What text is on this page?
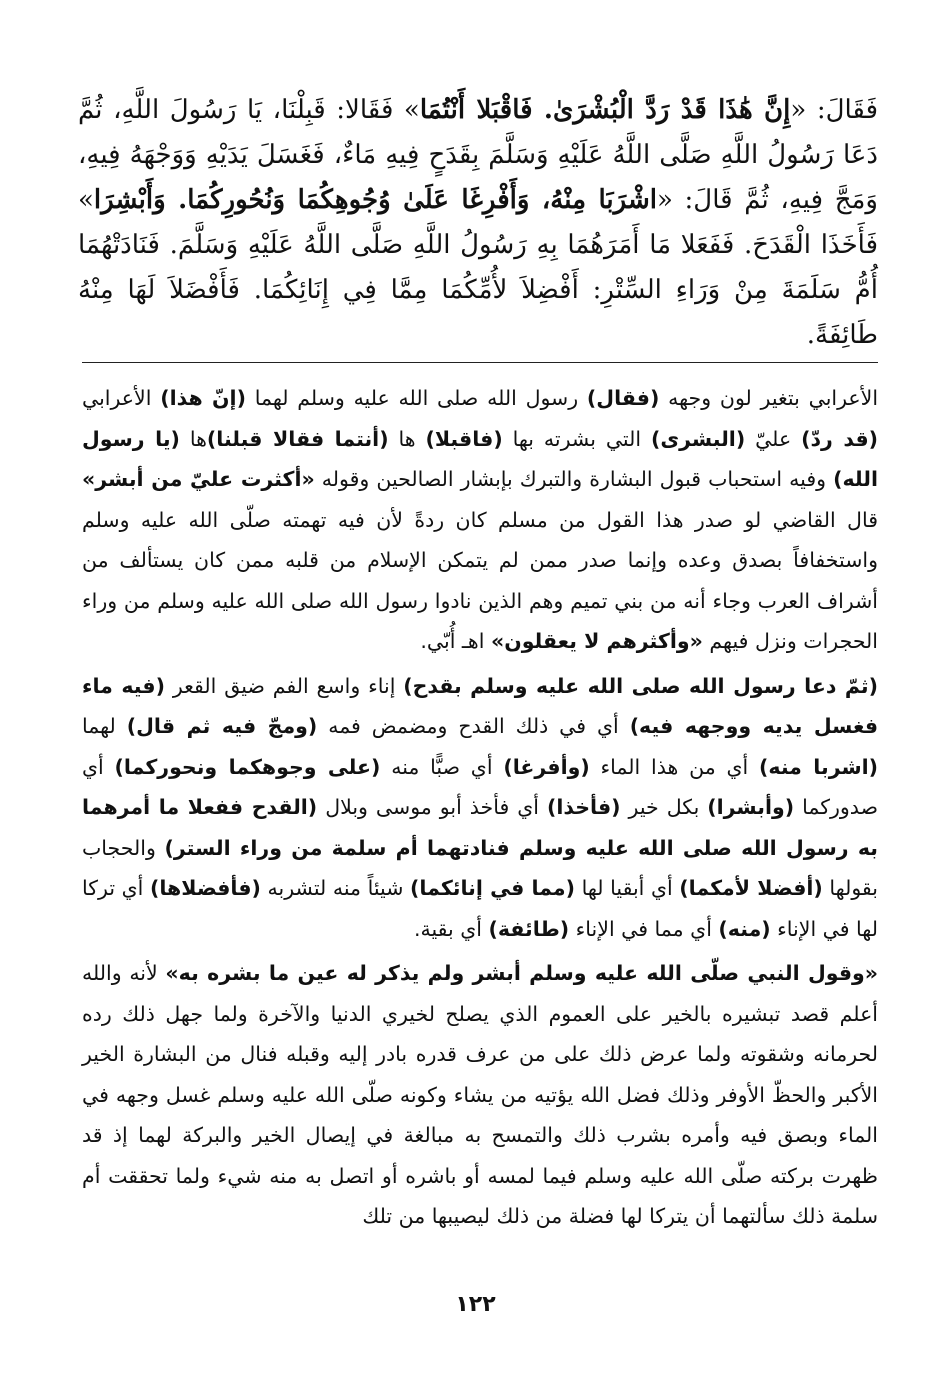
فَقَالَ: «إِنَّ هَٰذَا قَدْ رَدَّ الْبُشْرَىٰ. فَاقْبَلا أَنْتُمَا» فَقَالا: قَبِلْنَا، يَا رَسُولَ اللَّهِ، ثُمَّ دَعَا رَسُولُ اللَّهِ صَلَّى اللَّهُ عَلَيْهِ وَسَلَّمَ بِقَدَحٍ فِيهِ مَاءٌ، فَغَسَلَ يَدَيْهِ وَوَجْهَهُ فِيهِ، وَمَجَّ فِيهِ، ثُمَّ قَالَ: «اشْرَبَا مِنْهُ، وَأَفْرِغَا عَلَىٰ وُجُوهِكُمَا وَنُحُورِكُمَا. وَأَبْشِرَا» فَأَخَذَا الْقَدَحَ. فَفَعَلا مَا أَمَرَهُمَا بِهِ رَسُولُ اللَّهِ صَلَّى اللَّهُ عَلَيْهِ وَسَلَّمَ. فَنَادَتْهُمَا أُمُّ سَلَمَةَ مِنْ وَرَاءِ السِّتْرِ: أَفْضِلاَ لأُمِّكُمَا مِمَّا فِي إِنَائِكُمَا. فَأَفْضَلاَ لَهَا مِنْهُ طَائِفَةً.

الأعرابي بتغير لون وجهه (فقال) رسول الله صلى الله عليه وسلم لهما (إنّ هذا) الأعرابي (قد ردّ) عليّ (البشرى) التي بشرته بها (فاقبلا) ها (أنتما فقالا قبلنا)ها (يا رسول الله) وفيه استحباب قبول البشارة والتبرك بإبشار الصالحين وقوله «أكثرت عليّ من أبشر» قال القاضي لو صدر هذا القول من مسلم كان ردةً لأن فيه تهمته صلّى الله عليه وسلم واستخفافاً بصدق وعده وإنما صدر ممن لم يتمكن الإسلام من قلبه ممن كان يستألف من أشراف العرب وجاء أنه من بني تميم وهم الذين نادوا رسول الله صلى الله عليه وسلم من وراء الحجرات ونزل فيهم «وأكثرهم لا يعقلون» اهـ أُبّي.

(ثمّ دعا رسول الله صلى الله عليه وسلم بقدح) إناء واسع الفم ضيق القعر (فيه ماء فغسل يديه ووجهه فيه) أي في ذلك القدح ومضمض فمه (ومجّ فيه ثم قال) لهما (اشربا منه) أي من هذا الماء (وأفرغا) أي صبًّا منه (على وجوهكما ونحوركما) أي صدوركما (وأبشرا) بكل خير (فأخذا) أي فأخذ أبو موسى وبلال (القدح ففعلا ما أمرهما به رسول الله صلى الله عليه وسلم فنادتهما أم سلمة من وراء الستر) والحجاب بقولها (أفضلا لأمكما) أي أبقيا لها (مما في إنائكما) شيئاً منه لتشربه (فأفضلاها) أي تركا لها في الإناء (منه) أي مما في الإناء (طائفة) أي بقية.

«وقول النبي صلّى الله عليه وسلم أبشر ولم يذكر له عين ما بشره به» لأنه والله أعلم قصد تبشيره بالخير على العموم الذي يصلح لخيري الدنيا والآخرة ولما جهل ذلك رده لحرمانه وشقوته ولما عرض ذلك على من عرف قدره بادر إليه وقبله فنال من البشارة الخير الأكبر والحظّ الأوفر وذلك فضل الله يؤتيه من يشاء وكونه صلّى الله عليه وسلم غسل وجهه في الماء وبصق فيه وأمره بشرب ذلك والتمسح به مبالغة في إيصال الخير والبركة لهما إذ قد ظهرت بركته صلّى الله عليه وسلم فيما لمسه أو باشره أو اتصل به منه شيء ولما تحققت أم سلمة ذلك سألتهما أن يتركا لها فضلة من ذلك ليصيبها من تلك

١٢٢
